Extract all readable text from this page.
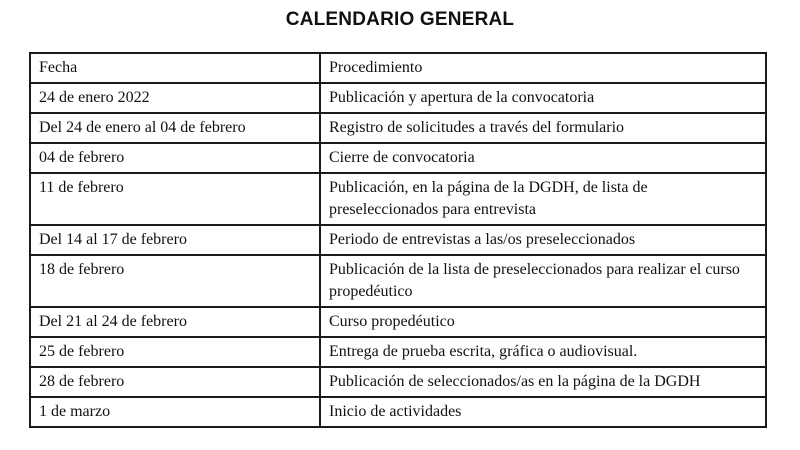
CALENDARIO GENERAL
Fecha	Procedimiento
24 de enero 2022	Publicación y apertura de la convocatoria
Del 24 de enero al 04 de febrero	Registro de solicitudes a través del formulario
04 de febrero	Cierre de convocatoria
11 de febrero	Publicación, en la página de la DGDH, de lista de preseleccionados para entrevista
Del 14 al 17 de febrero	Periodo de entrevistas a las/os preseleccionados
18 de febrero	Publicación de la lista de preseleccionados para realizar el curso propedéutico
Del 21 al 24 de febrero	Curso propedéutico
25 de febrero	Entrega de prueba escrita, gráfica o audiovisual.
28 de febrero	Publicación de seleccionados/as en la página de la DGDH
1 de marzo	Inicio de actividades
